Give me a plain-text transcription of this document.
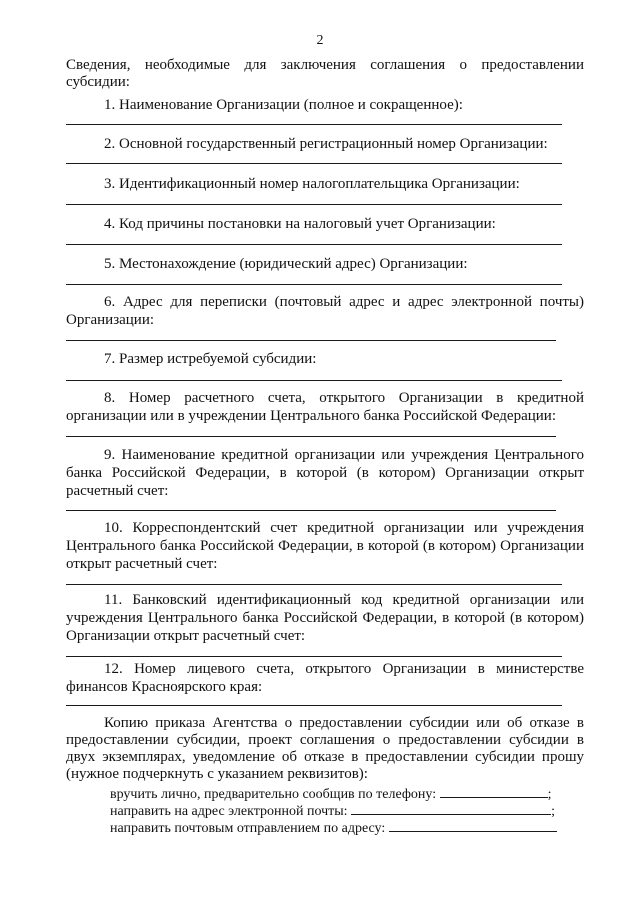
2
Сведения, необходимые для заключения соглашения о предоставлении субсидии:
1. Наименование Организации (полное и сокращенное):
2. Основной государственный регистрационный номер Организации:
3. Идентификационный номер налогоплательщика Организации:
4. Код причины постановки на налоговый учет Организации:
5. Местонахождение (юридический адрес) Организации:
6. Адрес для переписки (почтовый адрес и адрес электронной почты) Организации:
7. Размер истребуемой субсидии:
8. Номер расчетного счета, открытого Организации в кредитной организации или в учреждении Центрального банка Российской Федерации:
9. Наименование кредитной организации или учреждения Центрального банка Российской Федерации, в которой (в котором) Организации открыт расчетный счет:
10. Корреспондентский счет кредитной организации или учреждения Центрального банка Российской Федерации, в которой (в котором) Организации открыт расчетный счет:
11. Банковский идентификационный код кредитной организации или учреждения Центрального банка Российской Федерации, в которой (в котором) Организации открыт расчетный счет:
12. Номер лицевого счета, открытого Организации в министерстве финансов Красноярского края:
Копию приказа Агентства о предоставлении субсидии или об отказе в предоставлении субсидии, проект соглашения о предоставлении субсидии в двух экземплярах, уведомление об отказе в предоставлении субсидии прошу (нужное подчеркнуть с указанием реквизитов):
вручить лично, предварительно сообщив по телефону:	;
направить на адрес электронной почты:	;
направить почтовым отправлением по адресу:
